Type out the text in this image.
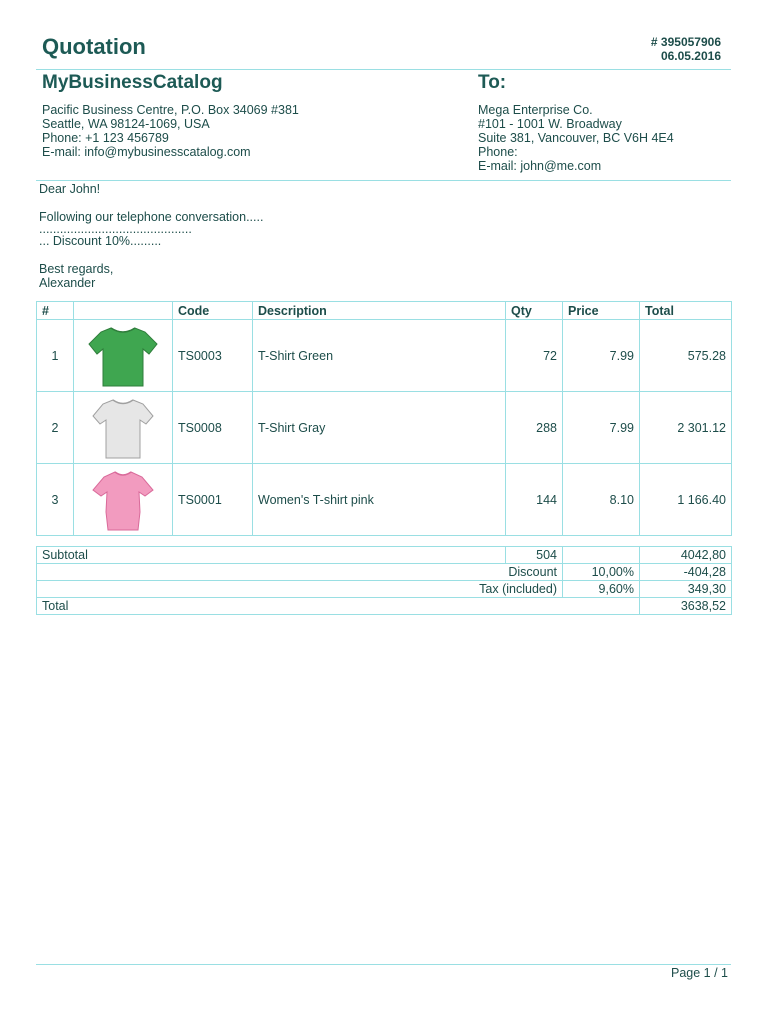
Quotation	# 395057906
06.05.2016
MyBusinessCatalog
Pacific Business Centre, P.O. Box 34069 #381
Seattle, WA 98124-1069, USA
Phone: +1 123 456789
E-mail: info@mybusinesscatalog.com
To:
Mega Enterprise Co.
#101 - 1001 W. Broadway
Suite 381, Vancouver, BC V6H 4E4
Phone:
E-mail: john@me.com
Dear John!
Following our telephone conversation.....
............................................
... Discount 10%.........
Best regards,
Alexander
#		Code	Description	Qty	Price	Total
1		TS0003	T-Shirt Green	72	7.99	575.28
2		TS0008	T-Shirt Gray	288	7.99	2 301.12
3		TS0001	Women's T-shirt pink	144	8.10	1 166.40
Subtotal	504		4042,80
Discount		10,00%	-404,28
Tax (included)		9,60%	349,30
Total			3638,52
Page 1 / 1
